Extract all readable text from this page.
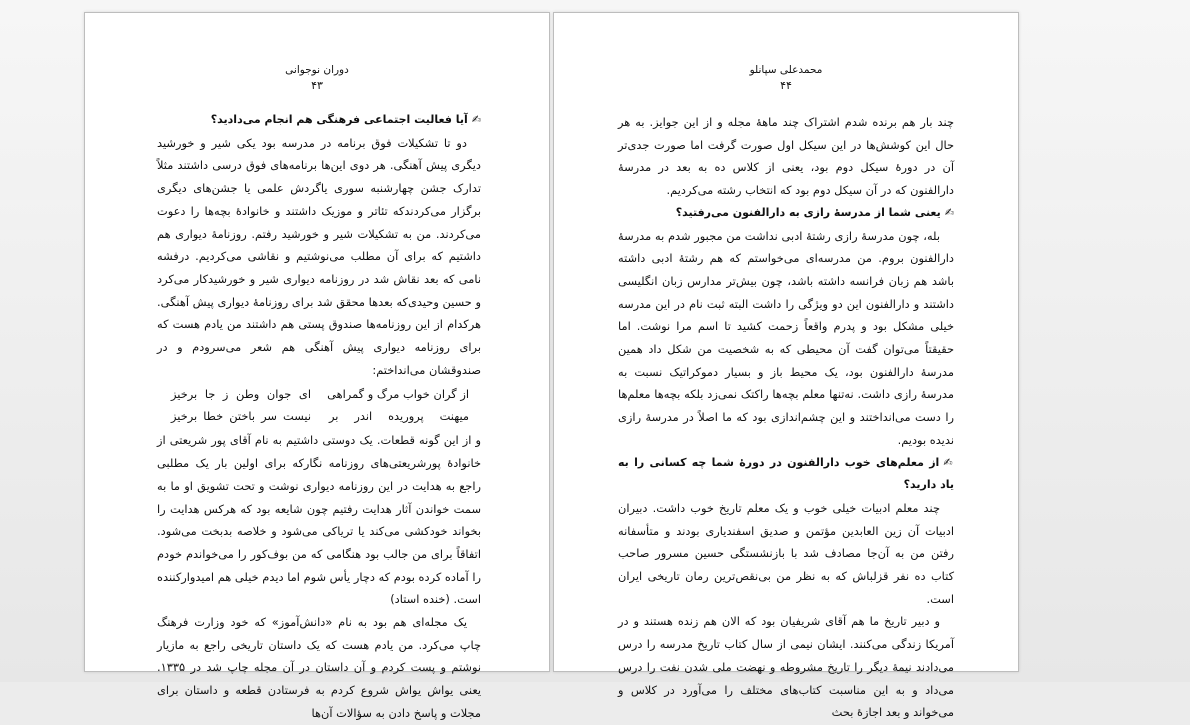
دوران نوجوانی
۴۳

✍آیا فعالیت اجتماعی فرهنگی هم انجام می‌دادید؟

دو تا تشکیلات فوق برنامه در مدرسه بود یکی شیر و خورشید دیگری پیش آهنگی. هر دوی این‌ها برنامه‌های فوق درسی داشتند مثلاً تدارک جشن چهارشنبه سوری یاگردش علمی یا جشن‌های دیگری برگزار می‌کردندکه تئاتر و موزیک داشتند و خانوادهٔ بچه‌ها را دعوت می‌کردند. من به تشکیلات شیر و خورشید رفتم. روزنامهٔ دیواری هم داشتیم که برای آن مطلب می‌نوشتیم و نقاشی می‌کردیم. درفشه نامی که بعد نقاش شد در روزنامه دیواری شیر و خورشیدکار می‌کرد و حسین وحیدی‌که بعدها محقق شد برای روزنامهٔ دیواری پیش آهنگی. هرکدام از این روزنامه‌ها صندوق پستی هم داشتند من یادم هست که برای روزنامه دیواری پیش آهنگی هم شعر می‌سرودم و در صندوقشان می‌انداختم:

از گران خواب مرگ و گمراهی
ای جوان وطن ز جا برخیز
میهنت پروریده اندر بر
نیست سر باختن خطا برخیز

و از این گونه قطعات. یک دوستی داشتیم به نام آقای پور شریعتی از خانوادهٔ پورشریعتی‌های روزنامه نگارکه برای اولین بار یک مطلبی راجع به هدایت در این روزنامه دیواری نوشت و تحت تشویق او ما به سمت خواندن آثار هدایت رفتیم چون شایعه بود که هرکس هدایت را بخواند خودکشی می‌کند یا تریاکی می‌شود و خلاصه بدبخت می‌شود. اتفاقاً برای من جالب بود هنگامی که من بوف‌کور را می‌خواندم خودم را آماده کرده بودم که دچار یأس شوم اما دیدم خیلی هم امیدوارکننده است. (خنده استاد)

یک مجله‌ای هم بود به نام «دانش‌آموز» که خود وزارت فرهنگ چاپ می‌کرد. من یادم هست که یک داستان تاریخی راجع به مازیار نوشتم و پست کردم و آن داستان در آن مجله چاپ شد در ۱۳۳۵. یعنی یواش یواش شروع کردم به فرستادن قطعه و داستان برای مجلات و پاسخ دادن به سؤالات آن‌ها

محمدعلی سپانلو
۴۴

چند بار هم برنده شدم اشتراک چند ماههٔ مجله و از این جوایز. به هر حال این کوشش‌ها در این سیکل اول صورت گرفت اما صورت جدی‌تر آن در دورهٔ سیکل دوم بود، یعنی از کلاس ده به بعد در مدرسهٔ دارالفنون که در آن سیکل دوم بود که انتخاب رشته می‌کردیم.

✍یعنی شما از مدرسهٔ رازی به دارالفنون می‌رفتید؟

بله، چون مدرسهٔ رازی رشتهٔ ادبی نداشت من مجبور شدم به مدرسهٔ دارالفنون بروم. من مدرسه‌ای می‌خواستم که هم رشتهٔ ادبی داشته باشد هم زبان فرانسه داشته باشد، چون بیش‌تر مدارس زبان انگلیسی داشتند و دارالفنون این دو ویژگی را داشت البته ثبت نام در این مدرسه خیلی مشکل بود و پدرم واقعاً زحمت کشید تا اسم مرا نوشت. اما حقیقتاً می‌توان گفت آن محیطی که به شخصیت من شکل داد همین مدرسهٔ دارالفنون بود، یک محیط باز و بسیار دموکراتیک نسبت به مدرسهٔ رازی داشت. نه‌تنها معلم بچه‌ها راکتک نمی‌زد بلکه بچه‌ها معلم‌ها را دست می‌انداختند و این چشم‌اندازی بود که ما اصلاً در مدرسهٔ رازی ندیده بودیم.

✍از معلم‌های خوب دارالفنون در دورهٔ شما چه کسانی را به یاد دارید؟

چند معلم ادبیات خیلی خوب و یک معلم تاریخ خوب داشت. دبیران ادبیات آن زین العابدین مؤتمن و صدیق اسفندیاری بودند و متأسفانه رفتن من به آن‌جا مصادف شد با بازنشستگی حسین مسرور صاحب کتاب ده نفر قزلباش که به نظر من بی‌نقص‌ترین رمان تاریخی ایران است.

و دبیر تاریخ ما هم آقای شریفیان بود که الان هم زنده هستند و در آمریکا زندگی می‌کنند. ایشان نیمی از سال کتاب تاریخ مدرسه را درس می‌دادند نیمهٔ دیگر را تاریخ مشروطه و نهضت ملی شدن نفت را درس می‌داد و به این مناسبت کتاب‌های مختلف را می‌آورد در کلاس و می‌خواند و بعد اجازهٔ بحث
